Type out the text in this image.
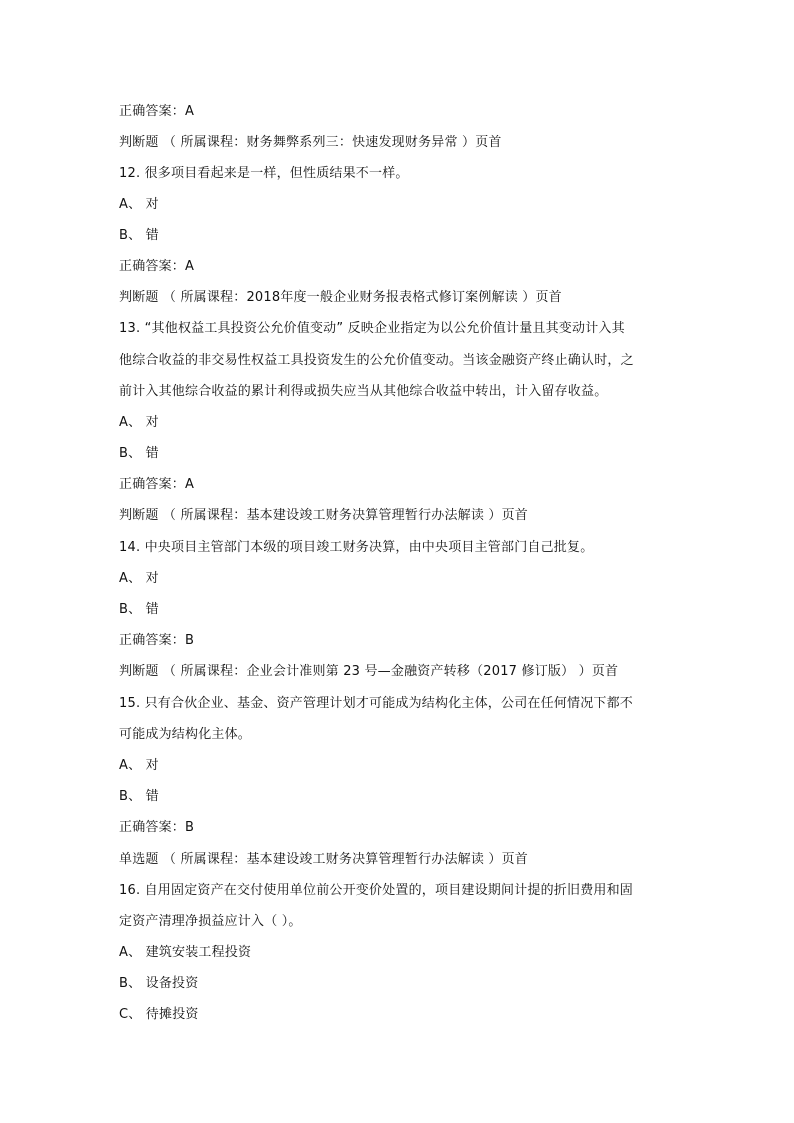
正确答案：A
判断题 （ 所属课程：财务舞弊系列三：快速发现财务异常 ）页首
12. 很多项目看起来是一样，但性质结果不一样。
A、 对
B、 错
正确答案：A
判断题 （ 所属课程：2018年度一般企业财务报表格式修订案例解读 ）页首
13. “其他权益工具投资公允价值变动” 反映企业指定为以公允价值计量且其变动计入其
他综合收益的非交易性权益工具投资发生的公允价值变动。当该金融资产终止确认时，之
前计入其他综合收益的累计利得或损失应当从其他综合收益中转出，计入留存收益。
A、 对
B、 错
正确答案：A
判断题 （ 所属课程：基本建设竣工财务决算管理暂行办法解读 ）页首
14. 中央项目主管部门本级的项目竣工财务决算，由中央项目主管部门自己批复。
A、 对
B、 错
正确答案：B
判断题 （ 所属课程：企业会计准则第 23 号—金融资产转移（2017 修订版） ）页首
15. 只有合伙企业、基金、资产管理计划才可能成为结构化主体，公司在任何情况下都不
可能成为结构化主体。
A、 对
B、 错
正确答案：B
单选题 （ 所属课程：基本建设竣工财务决算管理暂行办法解读 ）页首
16. 自用固定资产在交付使用单位前公开变价处置的，项目建设期间计提的折旧费用和固
定资产清理净损益应计入（ ）。
A、 建筑安装工程投资
B、 设备投资
C、 待摊投资
